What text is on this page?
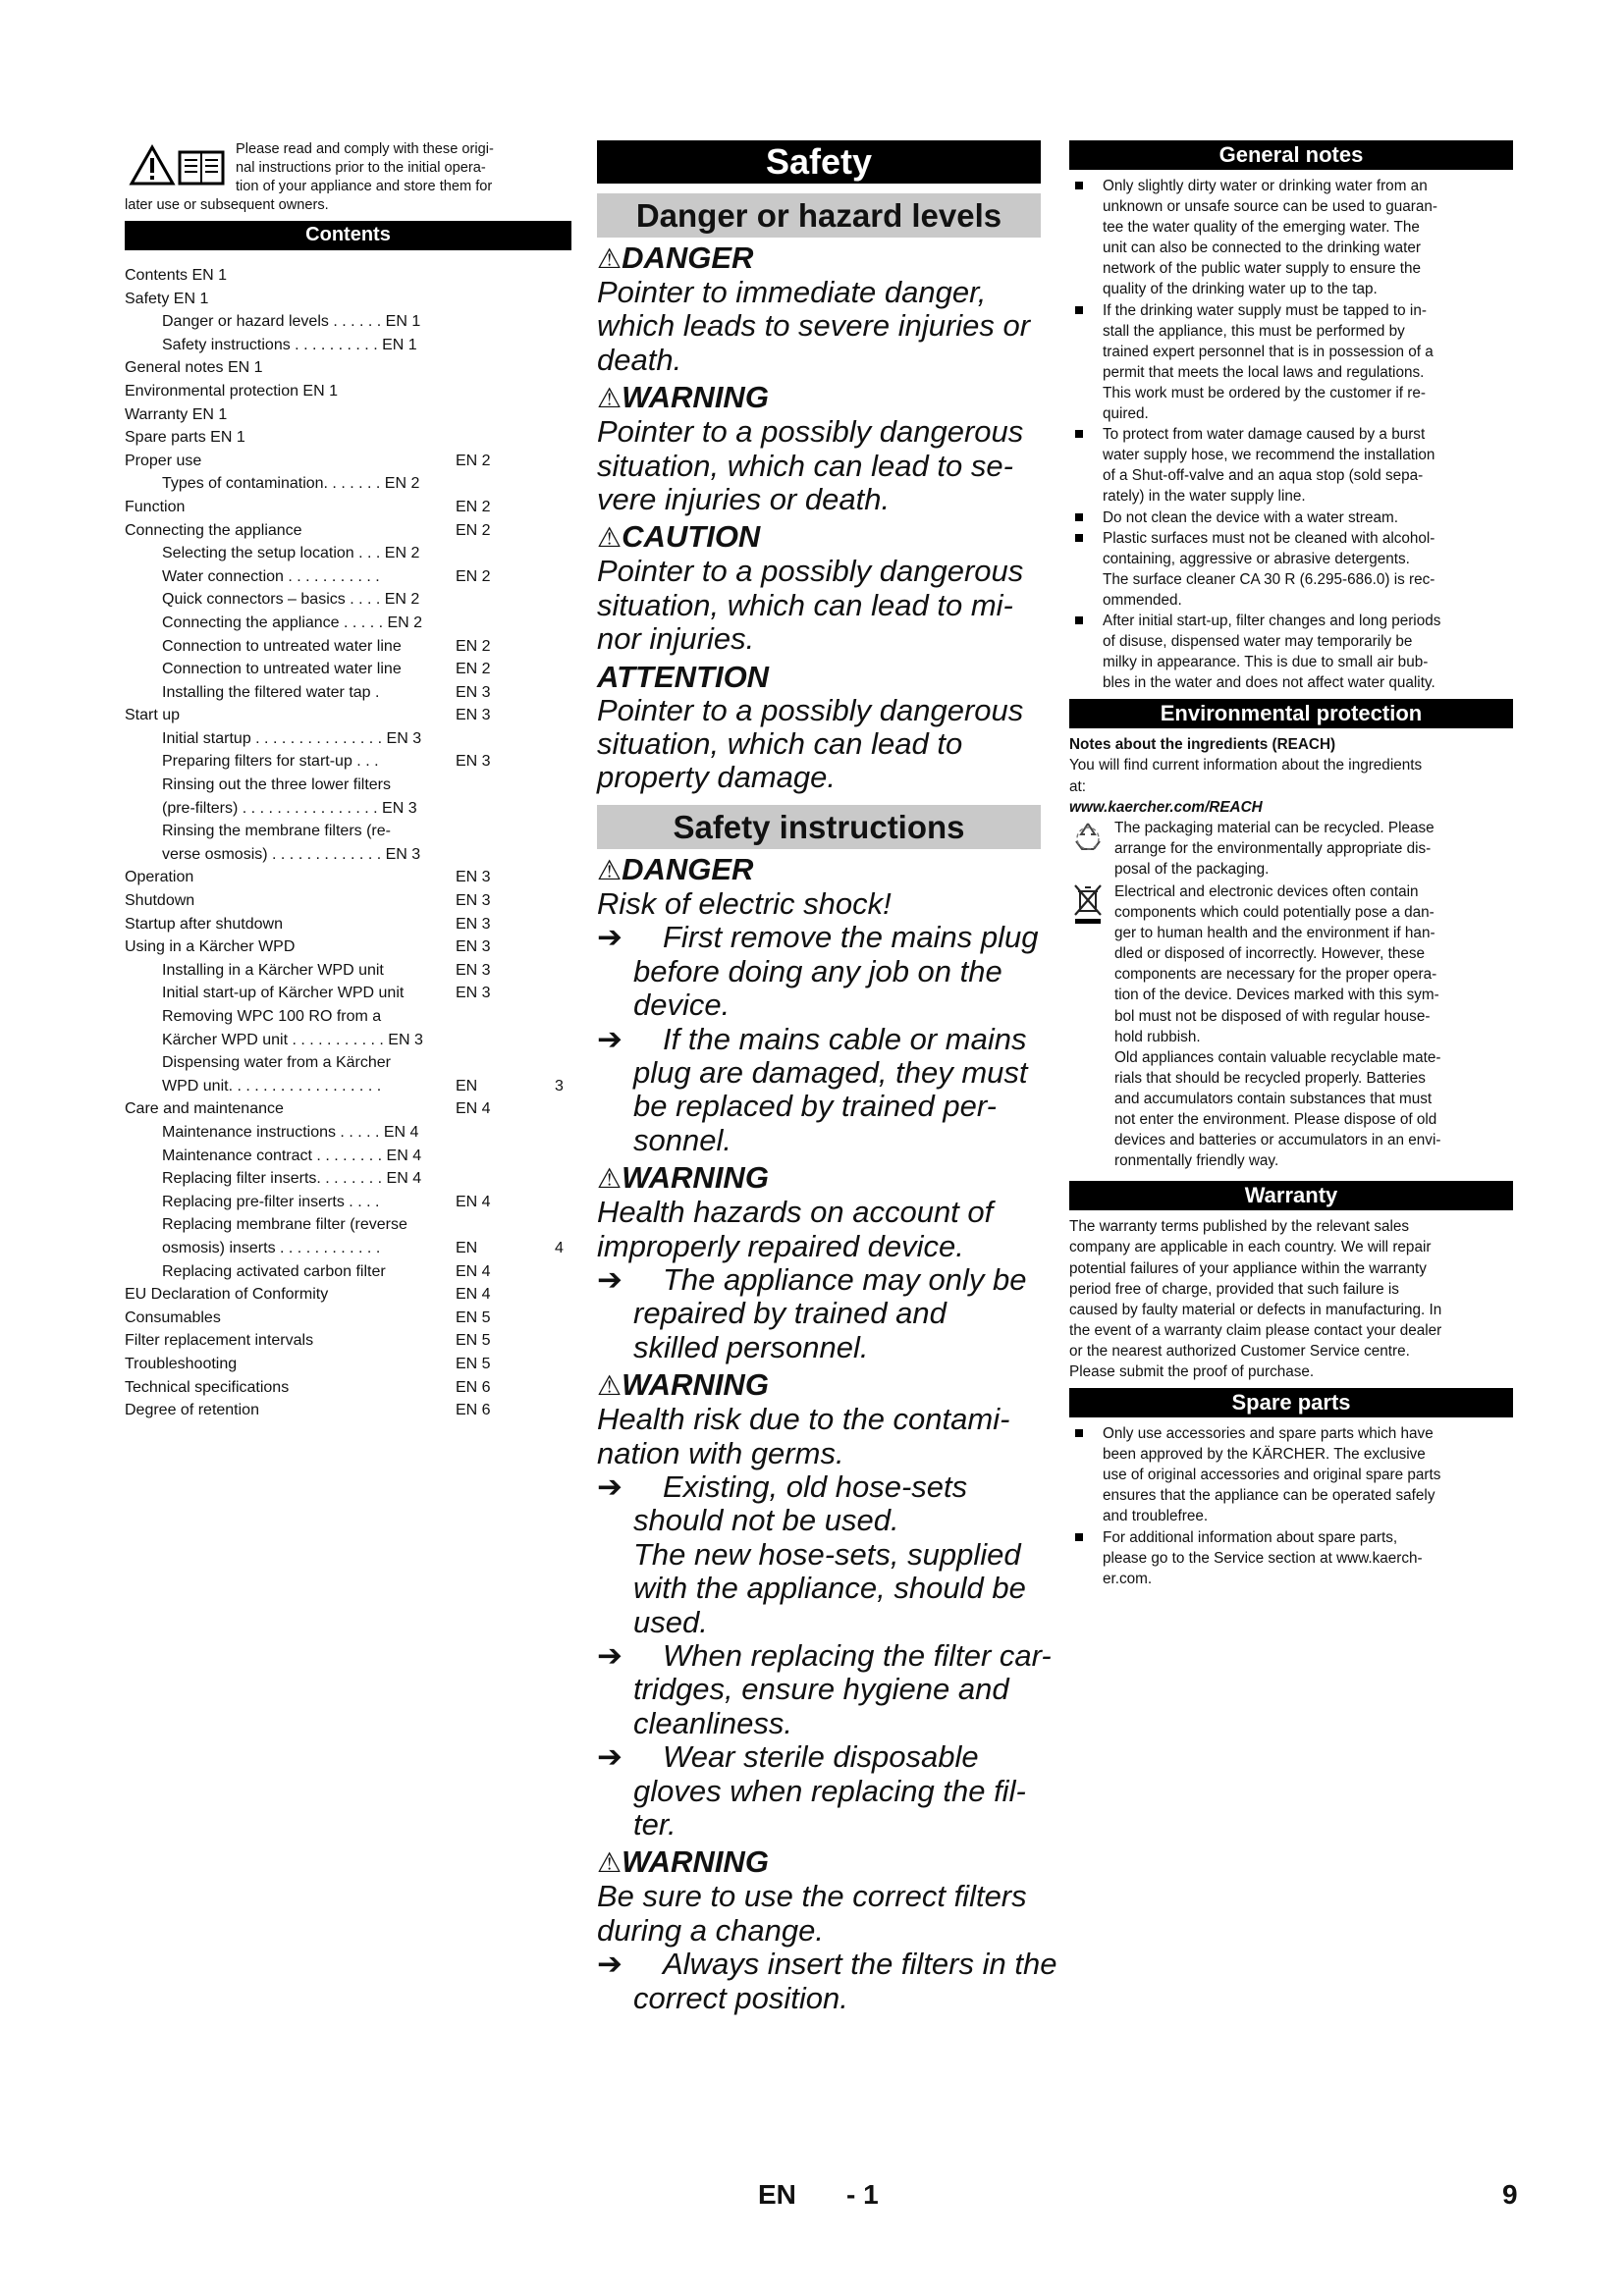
Please read and comply with these origi-
nal instructions prior to the initial opera-
tion of your appliance and store them for
later use or subsequent owners.
Contents
Contents EN 1
Safety EN 1
Danger or hazard levels . . . . . . EN 1
Safety instructions . . . . . . . . . . EN 1
General notes EN 1
Environmental protection EN 1
Warranty EN 1
Spare parts EN 1
Proper use	EN 2
Types of contamination. . . . . . . EN 2
Function	EN 2
Connecting the appliance	EN 2
Selecting the setup location . . . EN 2
Water connection . . . . . . . . . . .	EN 2
Quick connectors – basics . . . . EN 2
Connecting the appliance . . . . . EN 2
Connection to untreated water line	EN 2
Connection to untreated water line	EN 2
Installing the filtered water tap .	EN 3
Start up	EN 3
Initial startup . . . . . . . . . . . . . . . EN 3
Preparing filters for start-up . . .	EN 3
Rinsing out the three lower filters
(pre-filters) . . . . . . . . . . . . . . . . EN 3
Rinsing the membrane filters (re-
verse osmosis) . . . . . . . . . . . . . EN 3
Operation	EN 3
Shutdown	EN 3
Startup after shutdown	EN 3
Using in a Kärcher WPD	EN 3
Installing in a Kärcher WPD unit	EN 3
Initial start-up of Kärcher WPD unit	EN 3
Removing WPC 100 RO from a
Kärcher WPD unit . . . . . . . . . . . EN 3
Dispensing water from a Kärcher
WPD unit. . . . . . . . . . . . . . . . . .	EN	3
Care and maintenance	EN 4
Maintenance instructions . . . . . EN 4
Maintenance contract . . . . . . . . EN 4
Replacing filter inserts. . . . . . . . EN 4
Replacing pre-filter inserts . . . .	EN 4
Replacing membrane filter (reverse
osmosis) inserts . . . . . . . . . . . .	EN	4
Replacing activated carbon filter	EN 4
EU Declaration of Conformity	EN 4
Consumables	EN 5
Filter replacement intervals	EN 5
Troubleshooting	EN 5
Technical specifications	EN 6
Degree of retention	EN 6
Safety
Danger or hazard levels
⚠DANGER
Pointer to immediate danger,
which leads to severe injuries or
death.
⚠WARNING
Pointer to a possibly dangerous
situation, which can lead to se-
vere injuries or death.
⚠CAUTION
Pointer to a possibly dangerous
situation, which can lead to mi-
nor injuries.
ATTENTION
Pointer to a possibly dangerous
situation, which can lead to
property damage.
Safety instructions
⚠DANGER
Risk of electric shock!
➔	First remove the mains plug
before doing any job on the
device.
➔	If the mains cable or mains
plug are damaged, they must
be replaced by trained per-
sonnel.
⚠WARNING
Health hazards on account of
improperly repaired device.
➔	The appliance may only be
repaired by trained and
skilled personnel.
⚠WARNING
Health risk due to the contami-
nation with germs.
➔	Existing, old hose-sets
should not be used.
The new hose-sets, supplied
with the appliance, should be
used.
➔	When replacing the filter car-
tridges, ensure hygiene and
cleanliness.
➔	Wear sterile disposable
gloves when replacing the fil-
ter.
⚠WARNING
Be sure to use the correct filters
during a change.
➔	Always insert the filters in the
correct position.
General notes
Only slightly dirty water or drinking water from an
unknown or unsafe source can be used to guaran-
tee the water quality of the emerging water. The
unit can also be connected to the drinking water
network of the public water supply to ensure the
quality of the drinking water up to the tap.
If the drinking water supply must be tapped to in-
stall the appliance, this must be performed by
trained expert personnel that is in possession of a
permit that meets the local laws and regulations.
This work must be ordered by the customer if re-
quired.
To protect from water damage caused by a burst
water supply hose, we recommend the installation
of a Shut-off-valve and an aqua stop (sold sepa-
rately) in the water supply line.
Do not clean the device with a water stream.
Plastic surfaces must not be cleaned with alcohol-
containing, aggressive or abrasive detergents.
The surface cleaner CA 30 R (6.295-686.0) is rec-
ommended.
After initial start-up, filter changes and long periods
of disuse, dispensed water may temporarily be
milky in appearance. This is due to small air bub-
bles in the water and does not affect water quality.
Environmental protection
Notes about the ingredients (REACH)
You will find current information about the ingredients
at:
www.kaercher.com/REACH
The packaging material can be recycled. Please
arrange for the environmentally appropriate dis-
posal of the packaging.
Electrical and electronic devices often contain
components which could potentially pose a dan-
ger to human health and the environment if han-
dled or disposed of incorrectly. However, these
components are necessary for the proper opera-
tion of the device. Devices marked with this sym-
bol must not be disposed of with regular house-
hold rubbish.
Old appliances contain valuable recyclable mate-
rials that should be recycled properly. Batteries
and accumulators contain substances that must
not enter the environment. Please dispose of old
devices and batteries or accumulators in an envi-
ronmentally friendly way.
Warranty
The warranty terms published by the relevant sales
company are applicable in each country. We will repair
potential failures of your appliance within the warranty
period free of charge, provided that such failure is
caused by faulty material or defects in manufacturing. In
the event of a warranty claim please contact your dealer
or the nearest authorized Customer Service centre.
Please submit the proof of purchase.
Spare parts
Only use accessories and spare parts which have
been approved by the KÄRCHER. The exclusive
use of original accessories and original spare parts
ensures that the appliance can be operated safely
and troublefree.
For additional information about spare parts,
please go to the Service section at www.kaerch-
er.com.
EN - 1	9
